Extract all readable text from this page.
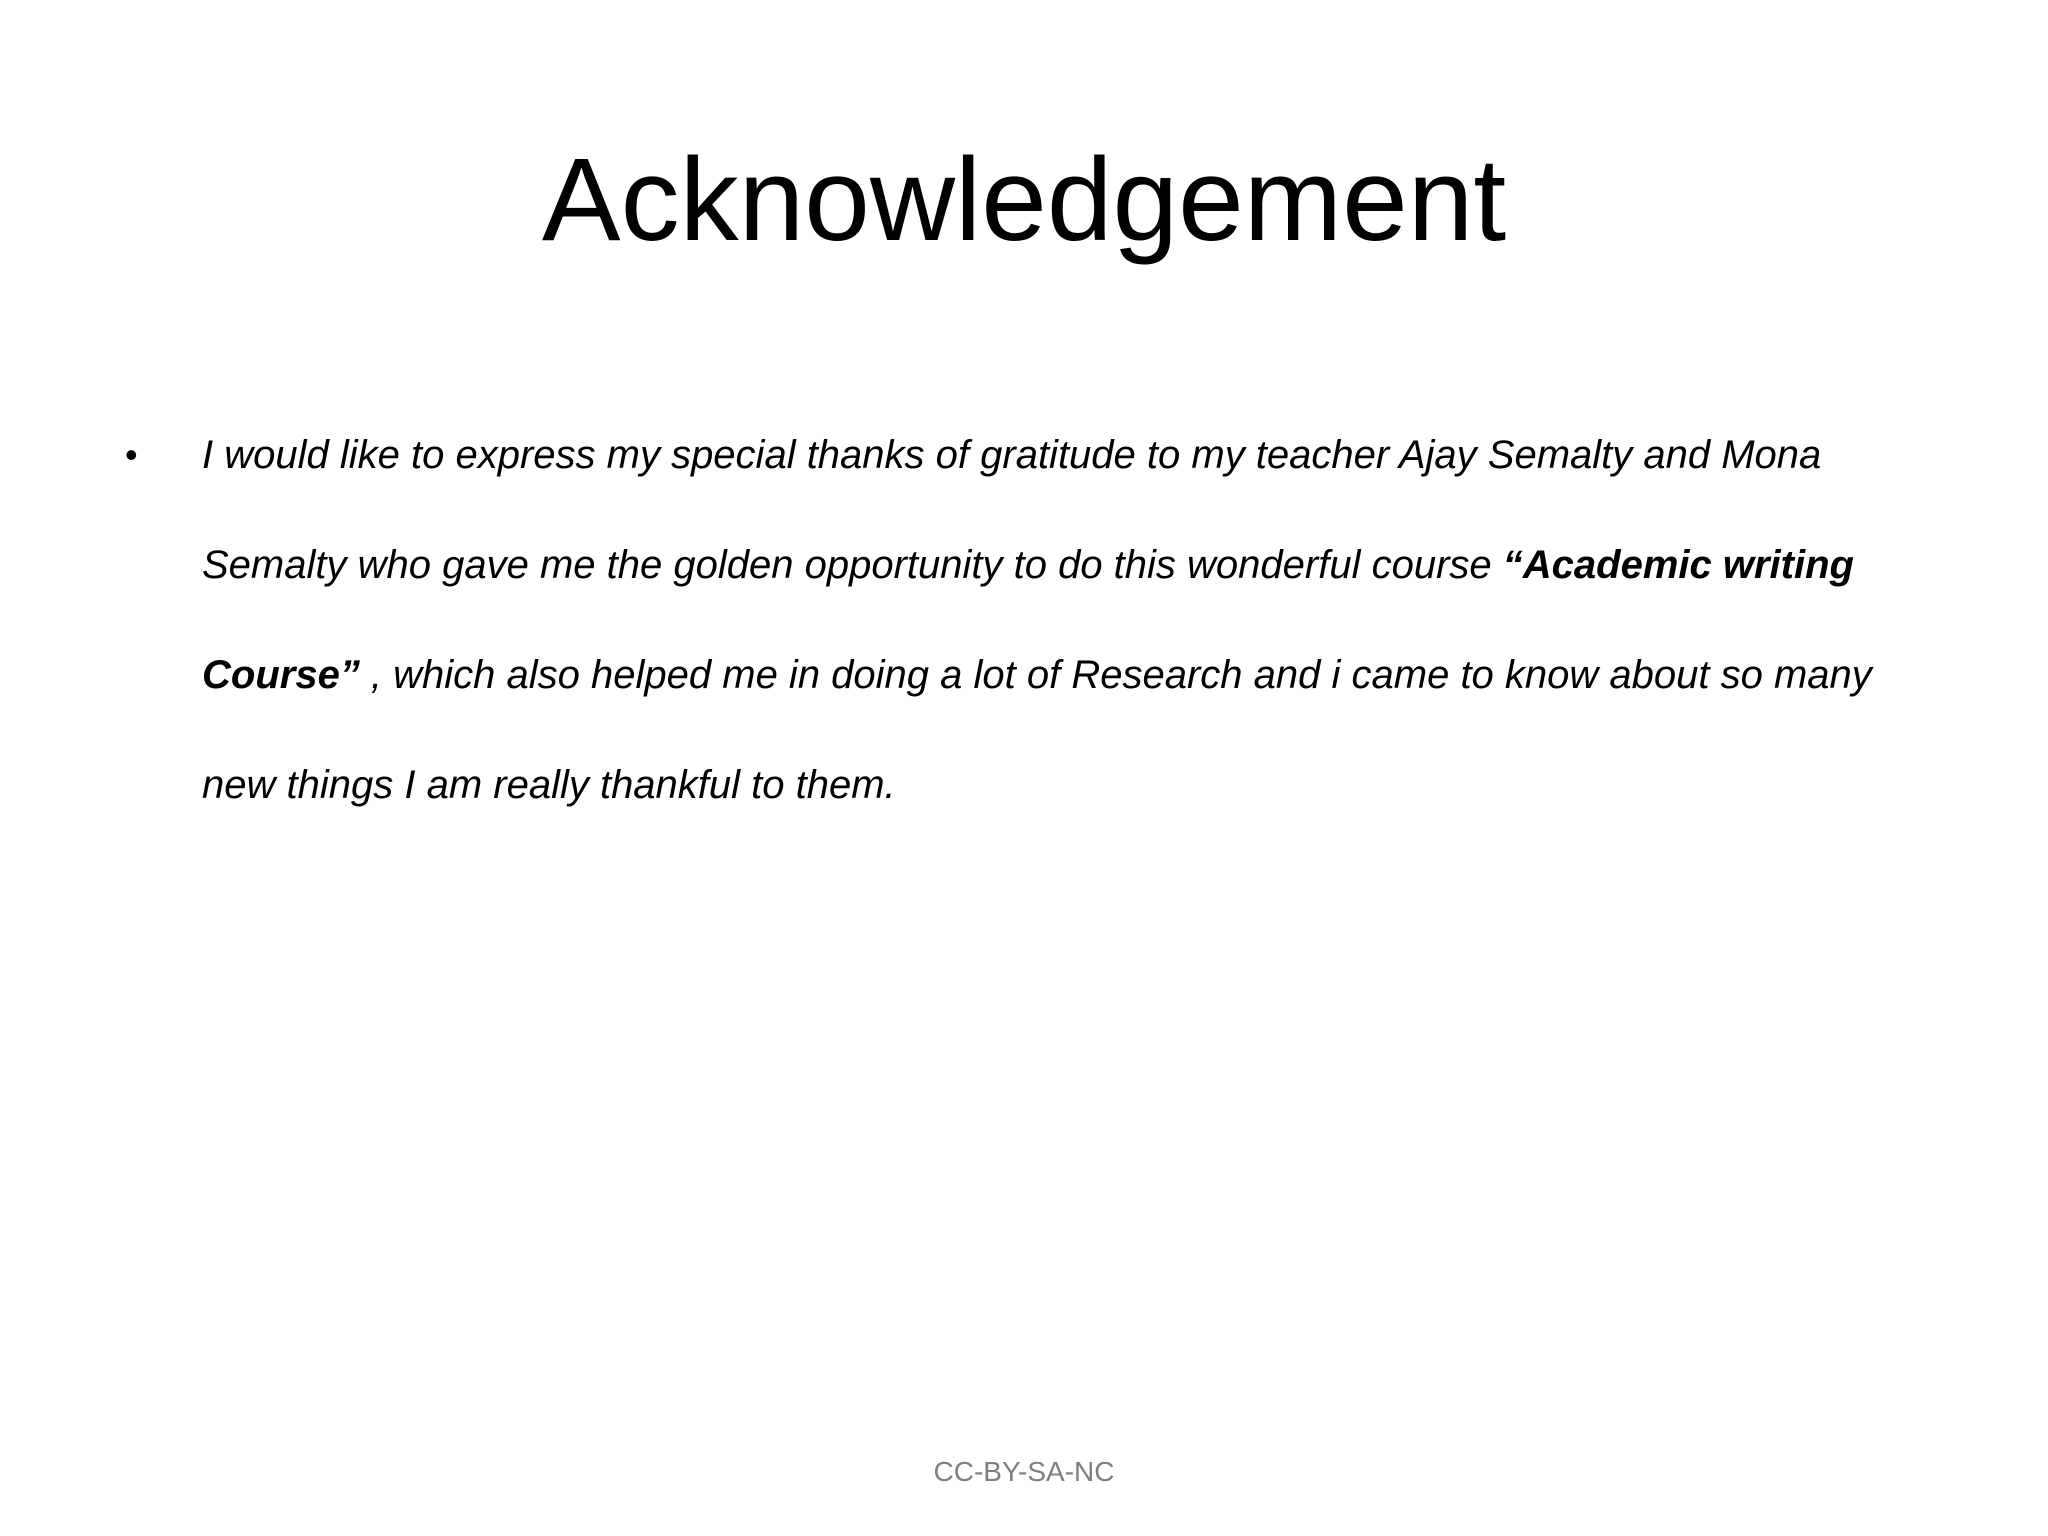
Acknowledgement
• I would like to express my special thanks of gratitude to my teacher Ajay Semalty and Mona Semalty who gave me the golden opportunity to do this wonderful course “Academic writing Course” , which also helped me in doing a lot of Research and i came to know about so many new things I am really thankful to them.
CC-BY-SA-NC
